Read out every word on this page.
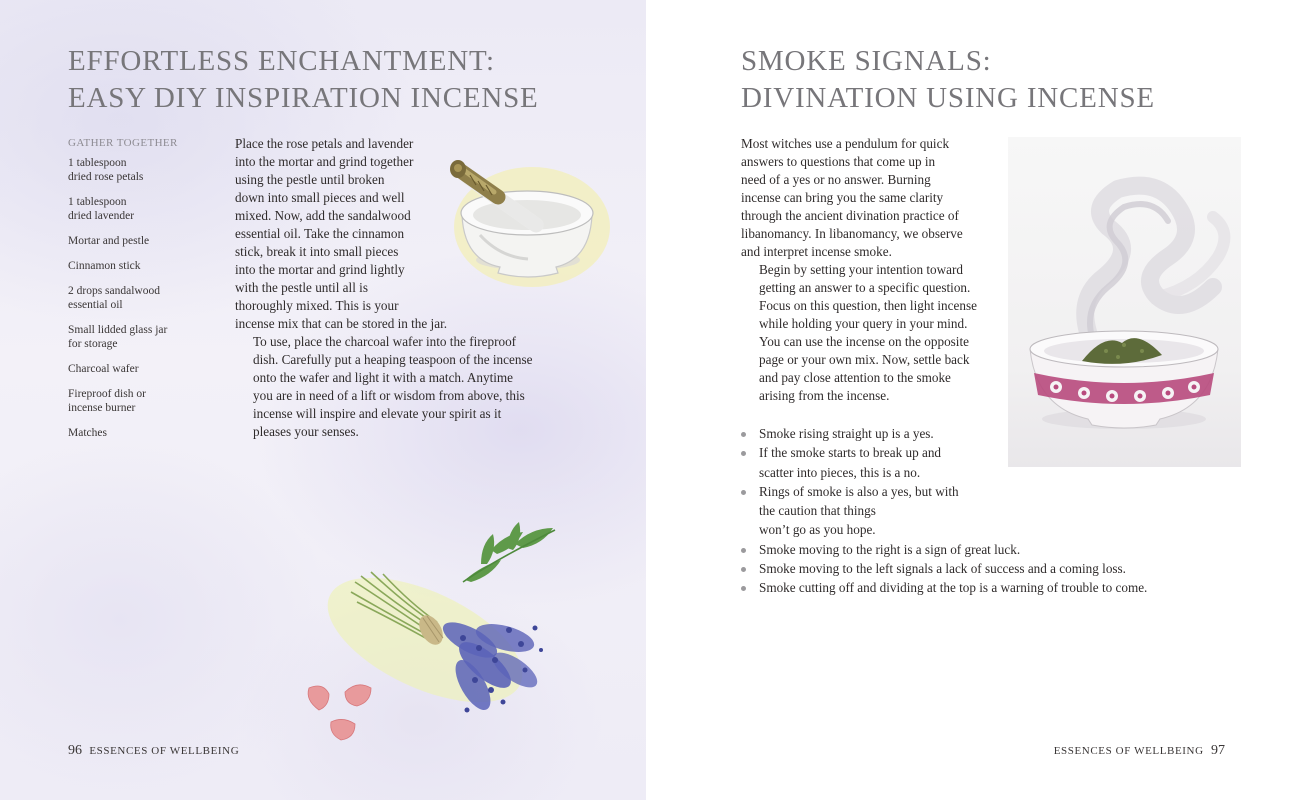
EFFORTLESS ENCHANTMENT:
EASY DIY INSPIRATION INCENSE
GATHER TOGETHER
1 tablespoon
dried rose petals
1 tablespoon
dried lavender
Mortar and pestle
Cinnamon stick
2 drops sandalwood
essential oil
Small lidded glass jar
for storage
Charcoal wafer
Fireproof dish or
incense burner
Matches

Place the rose petals and lavender
into the mortar and grind together
using the pestle until broken
down into small pieces and well
mixed. Now, add the sandalwood
essential oil. Take the cinnamon
stick, break it into small pieces
into the mortar and grind lightly
with the pestle until all is
thoroughly mixed. This is your
incense mix that can be stored in the jar.

To use, place the charcoal wafer into the fireproof
dish. Carefully put a heaping teaspoon of the incense
onto the wafer and light it with a match. Anytime
you are in need of a lift or wisdom from above, this
incense will inspire and elevate your spirit as it
pleases your senses.

96 ESSENCES OF WELLBEING
SMOKE SIGNALS:
DIVINATION USING INCENSE

Most witches use a pendulum for quick
answers to questions that come up in
need of a yes or no answer. Burning
incense can bring you the same clarity
through the ancient divination practice of
libanomancy. In libanomancy, we observe
and interpret incense smoke.

Begin by setting your intention toward
getting an answer to a specific question.
Focus on this question, then light incense
while holding your query in your mind.
You can use the incense on the opposite
page or your own mix. Now, settle back
and pay close attention to the smoke
arising from the incense.

Smoke rising straight up is a yes.
If the smoke starts to break up and
scatter into pieces, this is a no.
Rings of smoke is also a yes, but with
the caution that things
won’t go as you hope.
Smoke moving to the right is a sign of great luck.
Smoke moving to the left signals a lack of success and a coming loss.
Smoke cutting off and dividing at the top is a warning of trouble to come.
ESSENCES OF WELLBEING 97
